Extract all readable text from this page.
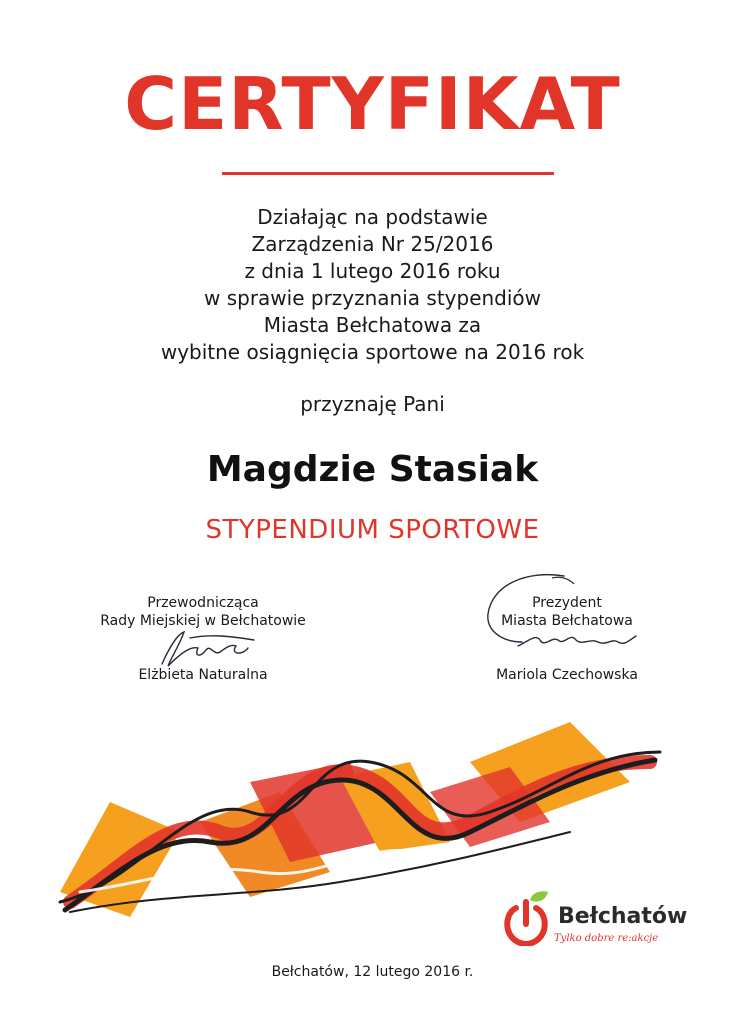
CERTYFIKAT
Działając na podstawie
Zarządzenia Nr 25/2016
z dnia 1 lutego 2016 roku
w sprawie przyznania stypendiów
Miasta Bełchatowa za
wybitne osiągnięcia sportowe na 2016 rok
przyznaję Pani
Magdzie Stasiak
STYPENDIUM SPORTOWE
Przewodnicząca
Rady Miejskiej w Bełchatowie
Elżbieta Naturalna
Prezydent
Miasta Bełchatowa
Mariola Czechowska
Bełchatów
Tylko dobre re:akcje
Bełchatów, 12 lutego 2016 r.
